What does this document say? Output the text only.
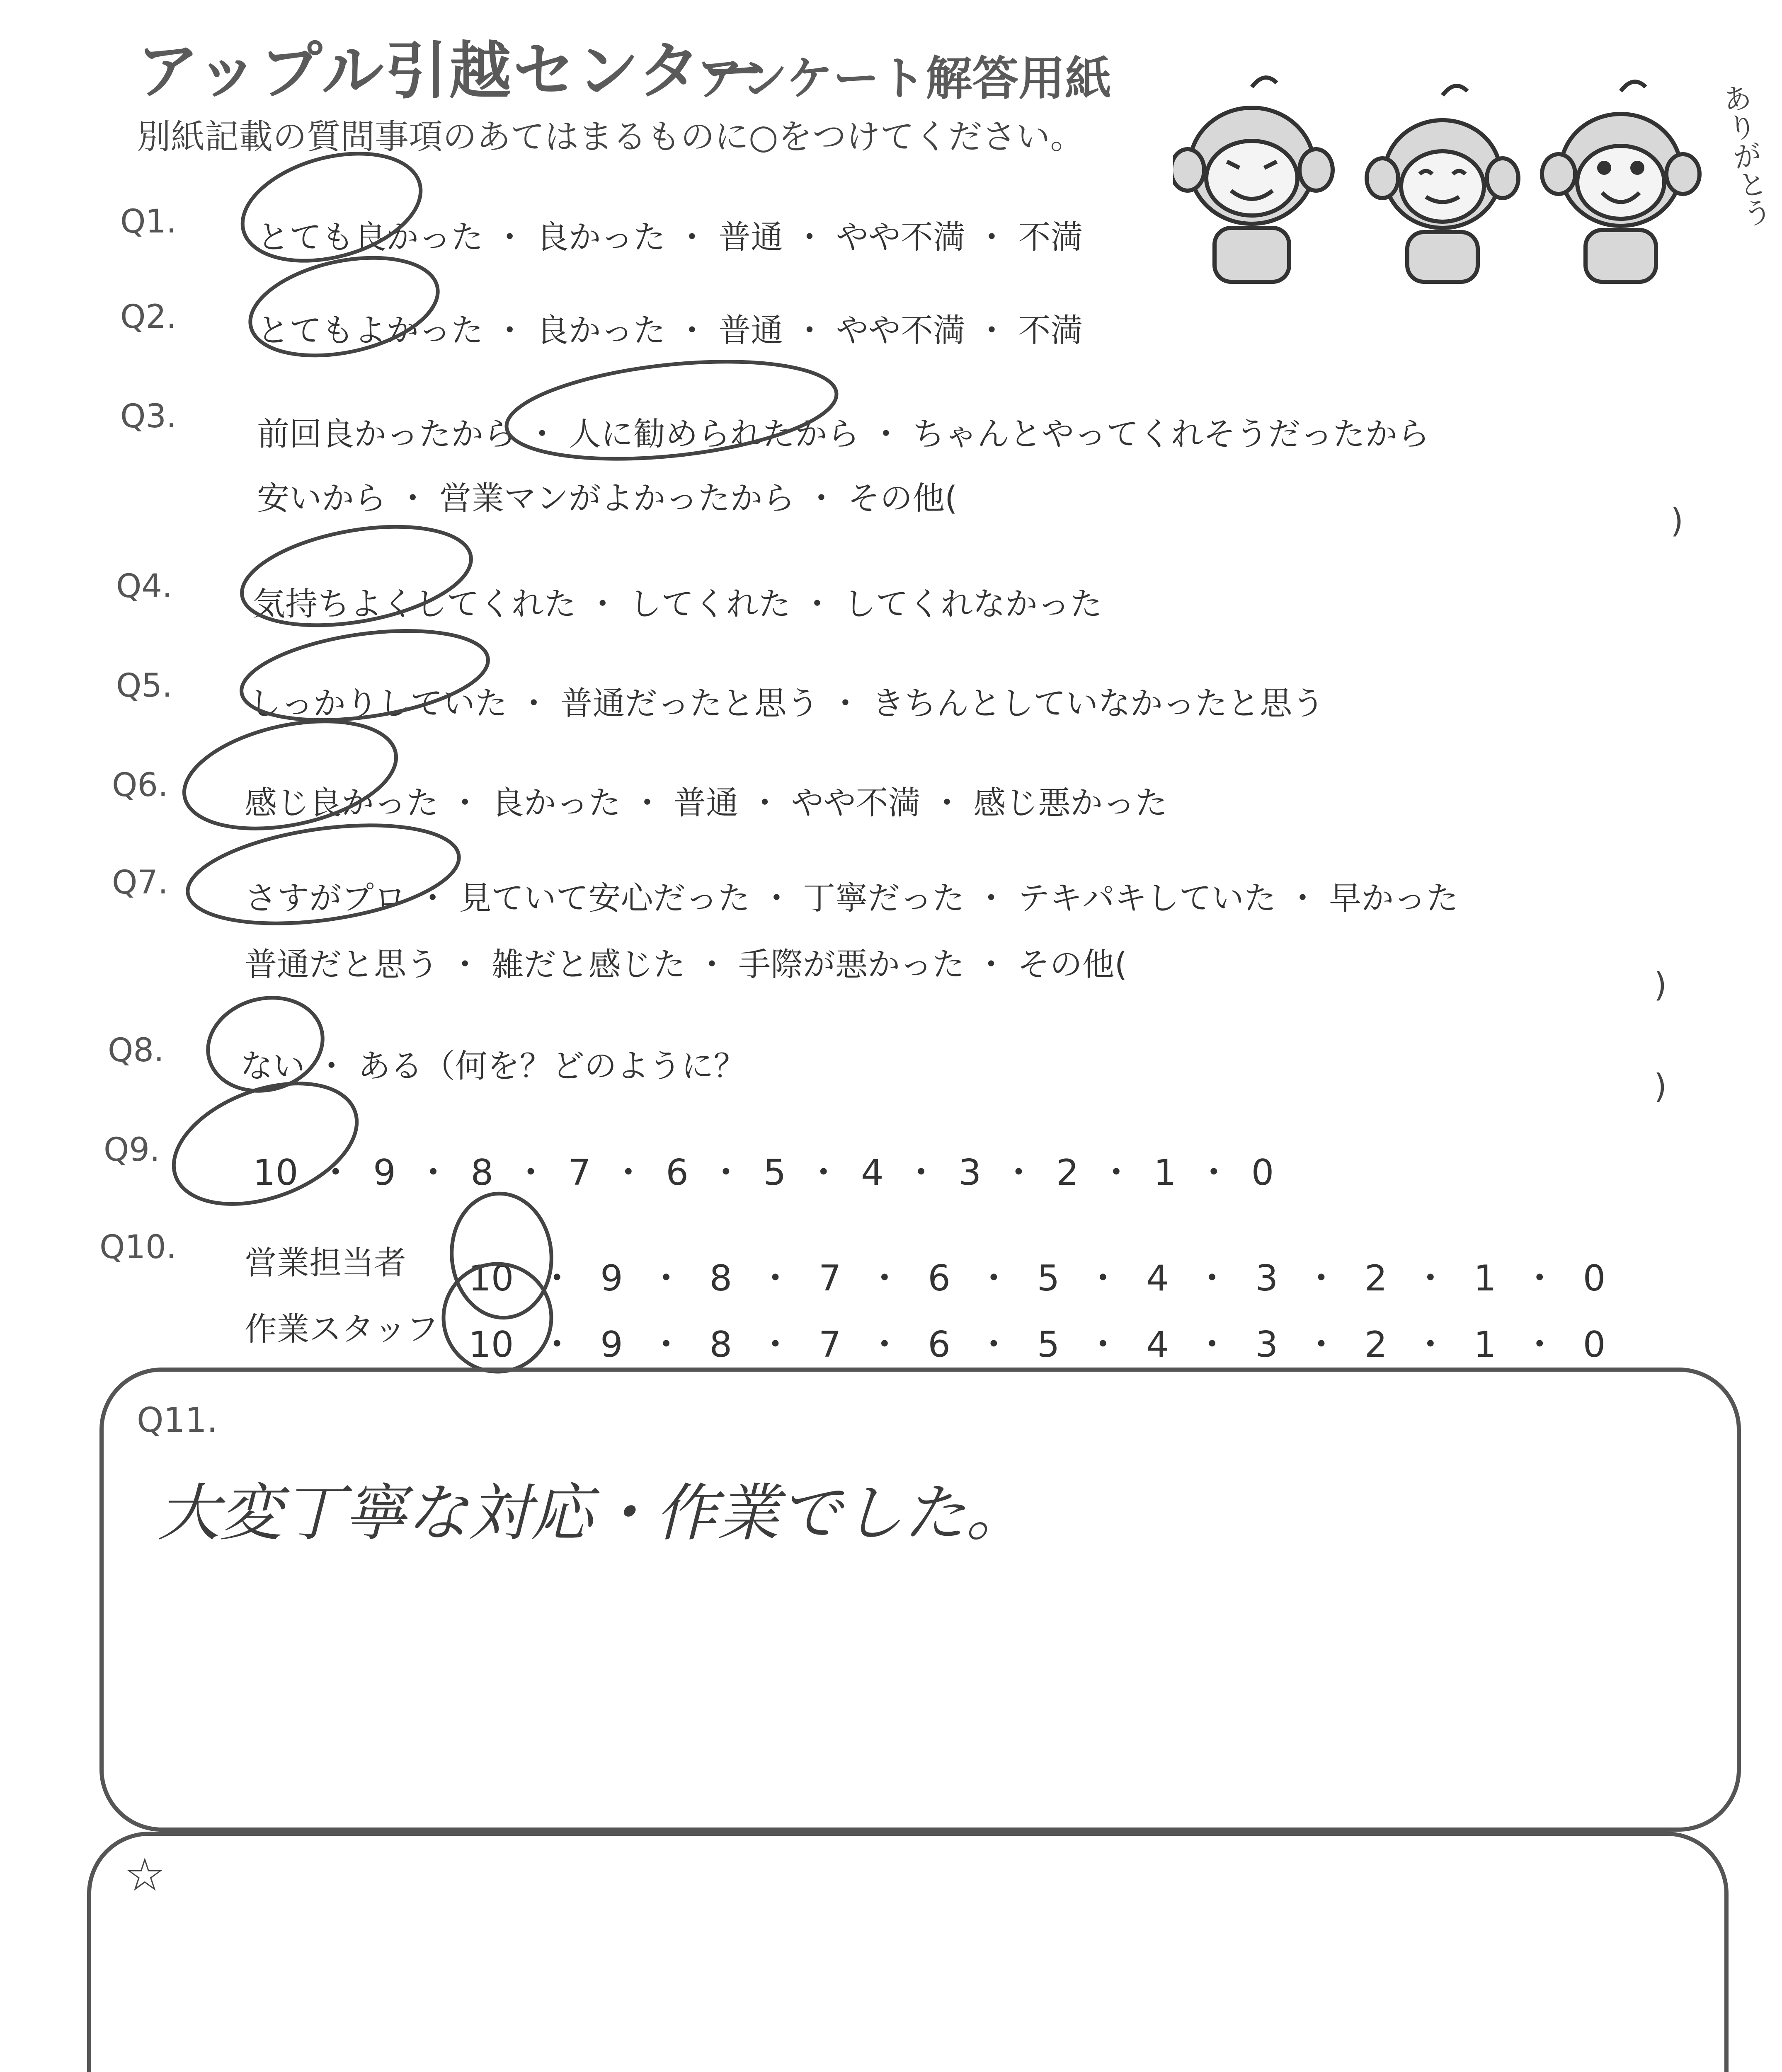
アップル引越センター
アンケート解答用紙
別紙記載の質問事項のあてはまるものに○をつけてください。	ありがとう
Q1. とても良かった ・ 良かった ・ 普通 ・ やや不満 ・ 不満
Q2. とてもよかった ・ 良かった ・ 普通 ・ やや不満 ・ 不満
Q3. 前回良かったから ・ 人に勧められたから ・ ちゃんとやってくれそうだったから
安いから ・ 営業マンがよかったから ・ その他(
)
Q4. 気持ちよくしてくれた ・ してくれた ・ してくれなかった
Q5. しっかりしていた ・ 普通だったと思う ・ きちんとしていなかったと思う
Q6. 感じ良かった ・ 良かった ・ 普通 ・ やや不満 ・ 感じ悪かった
Q7. さすがプロ ・ 見ていて安心だった ・ 丁寧だった ・ テキパキしていた ・ 早かった
普通だと思う ・ 雑だと感じた ・ 手際が悪かった ・ その他(
)
Q8. ない ・ ある（何を？どのように？
)
Q9.
10 ・ 9 ・ 8 ・ 7 ・ 6 ・ 5 ・ 4 ・ 3 ・ 2 ・ 1 ・ 0
Q10. 営業担当者 10 ・ 9 ・ 8 ・ 7 ・ 6 ・ 5 ・ 4 ・ 3 ・ 2 ・ 1 ・ 0
作業スタッフ 10 ・ 9 ・ 8 ・ 7 ・ 6 ・ 5 ・ 4 ・ 3 ・ 2 ・ 1 ・ 0
Q11.
大変丁寧な対応・作業でした。
☆
